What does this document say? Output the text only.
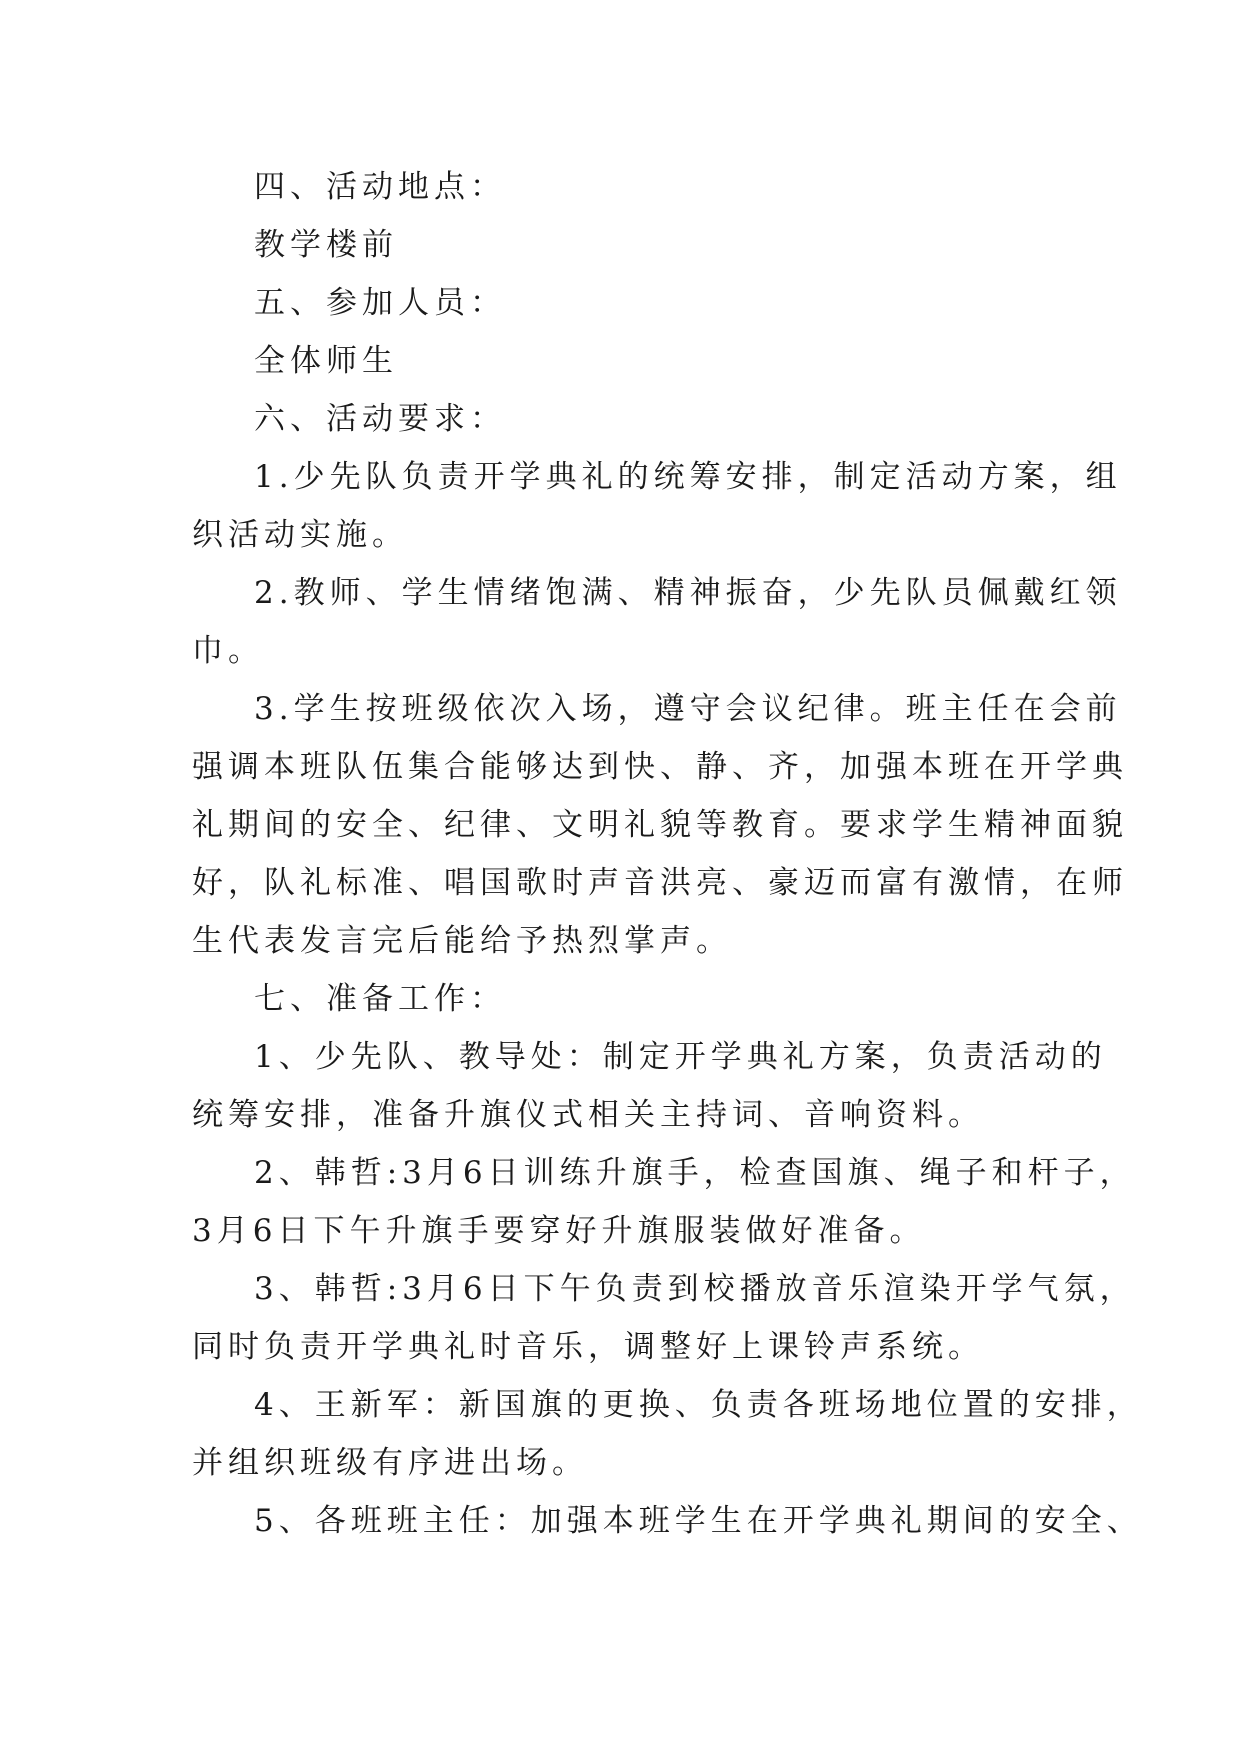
四、活动地点：

教学楼前

五、参加人员：

全体师生

六、活动要求：

1.少先队负责开学典礼的统筹安排，制定活动方案，组

织活动实施。

2.教师、学生情绪饱满、精神振奋，少先队员佩戴红领

巾。

3.学生按班级依次入场，遵守会议纪律。班主任在会前

强调本班队伍集合能够达到快、静、齐，加强本班在开学典

礼期间的安全、纪律、文明礼貌等教育。要求学生精神面貌

好，队礼标准、唱国歌时声音洪亮、豪迈而富有激情，在师

生代表发言完后能给予热烈掌声。

七、准备工作：

1、少先队、教导处：制定开学典礼方案，负责活动的

统筹安排，准备升旗仪式相关主持词、音响资料。

2、韩哲:3月6日训练升旗手，检查国旗、绳子和杆子，

3月6日下午升旗手要穿好升旗服装做好准备。

3、韩哲:3月6日下午负责到校播放音乐渲染开学气氛，

同时负责开学典礼时音乐，调整好上课铃声系统。

4、王新军：新国旗的更换、负责各班场地位置的安排，

并组织班级有序进出场。

5、各班班主任：加强本班学生在开学典礼期间的安全、
